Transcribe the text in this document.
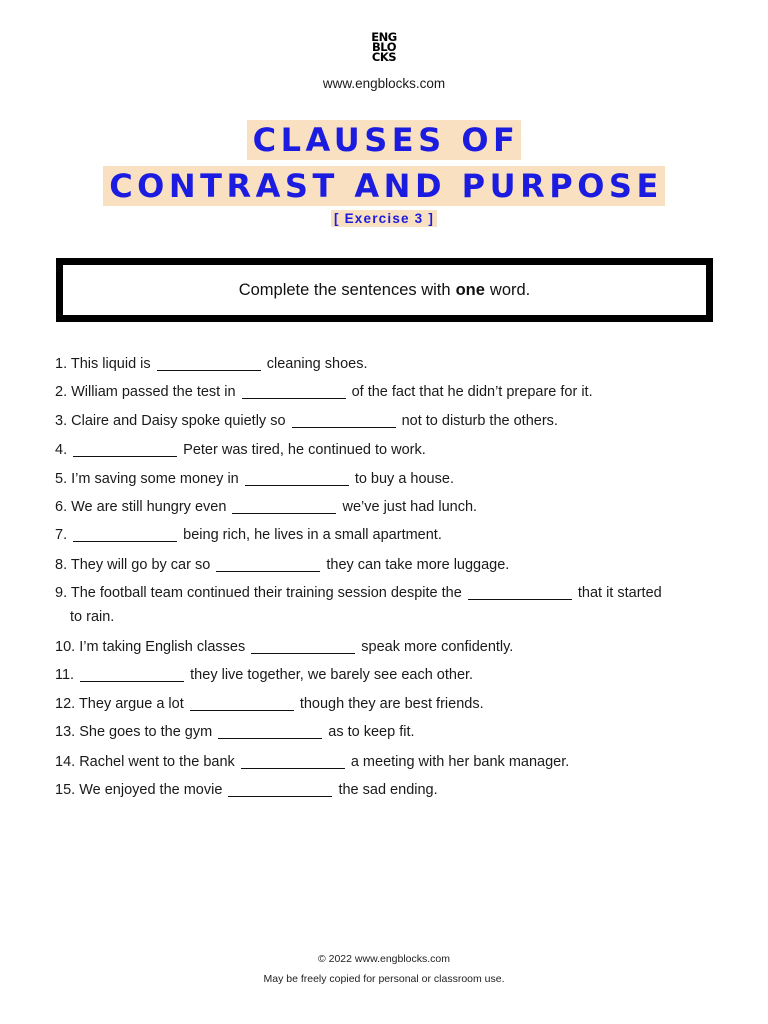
ENG
BLO
CKS
www.engblocks.com
CLAUSES OF
CONTRAST AND PURPOSE
[ Exercise 3 ]
Complete the sentences with one word.
1. This liquid is	cleaning shoes.
2. William passed the test in	of the fact that he didn’t prepare for it.
3. Claire and Daisy spoke quietly so	not to disturb the others.
4.	Peter was tired, he continued to work.
5. I’m saving some money in	to buy a house.
6. We are still hungry even	we’ve just had lunch.
7.	being rich, he lives in a small apartment.
8. They will go by car so	they can take more luggage.
9. The football team continued their training session despite the	that it started
to rain.
10. I’m taking English classes	speak more confidently.
11.	they live together, we barely see each other.
12. They argue a lot	though they are best friends.
13. She goes to the gym	as to keep fit.
14. Rachel went to the bank	a meeting with her bank manager.
15. We enjoyed the movie	the sad ending.
© 2022 www.engblocks.com
May be freely copied for personal or classroom use.
